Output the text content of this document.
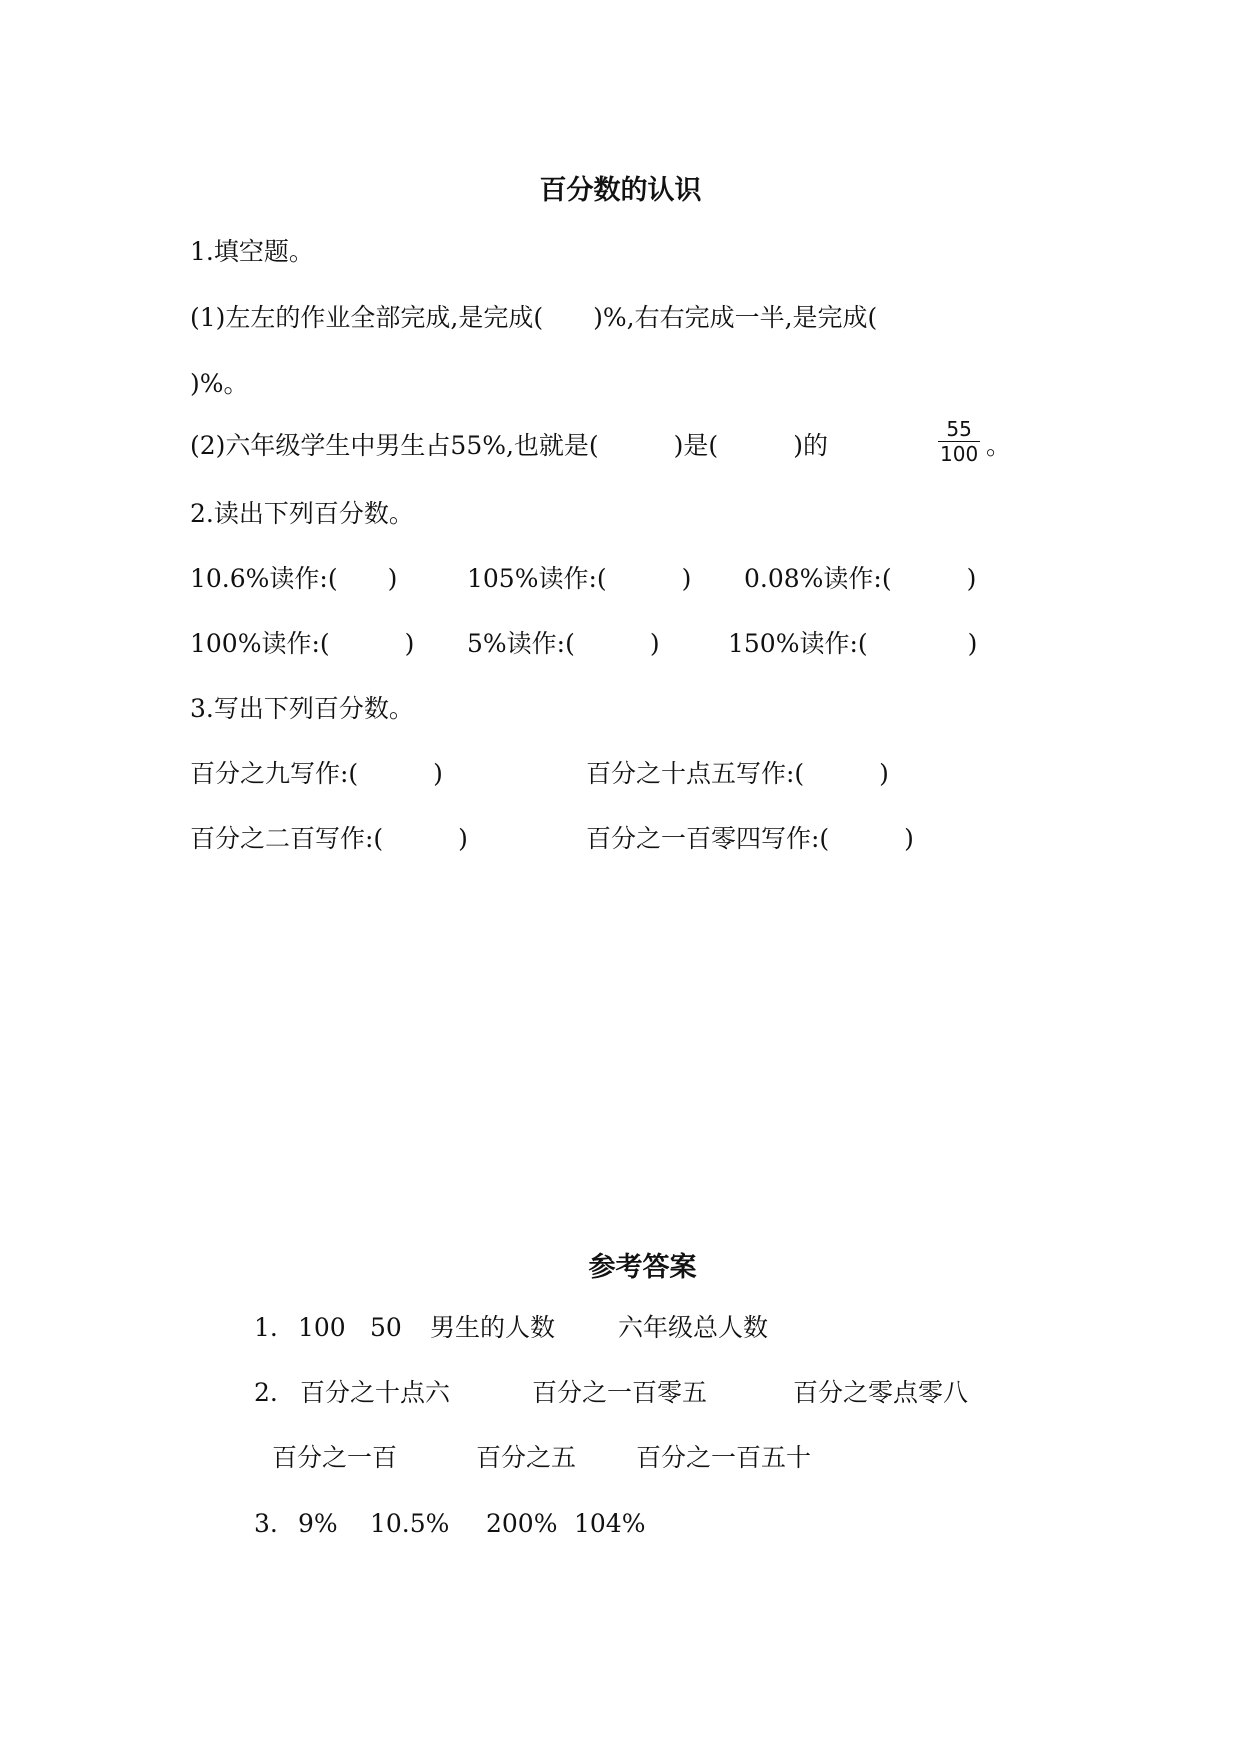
百分数的认识
1.填空题。
(1)左左的作业全部完成,是完成(　　)%,右右完成一半,是完成(
)%。
(2)六年级学生中男生占55%,也就是(　　　)是(　　　)的
55
100 。
2.读出下列百分数。
10.6%读作:(　　)	105%读作:(　　　) 0.08%读作:(　　　)
100%读作:(　　　) 5%读作:(　　　)	150%读作:(　　　　)
3.写出下列百分数。
百分之九写作:(　　　)	百分之十点五写作:(　　　)
百分之二百写作:(　　　)	百分之一百零四写作:(　　　)
参考答案
1. 100 50 男生的人数	六年级总人数
2. 百分之十点六	百分之一百零五	百分之零点零八
百分之一百	百分之五 百分之一百五十
3. 9% 10.5% 200% 104%
